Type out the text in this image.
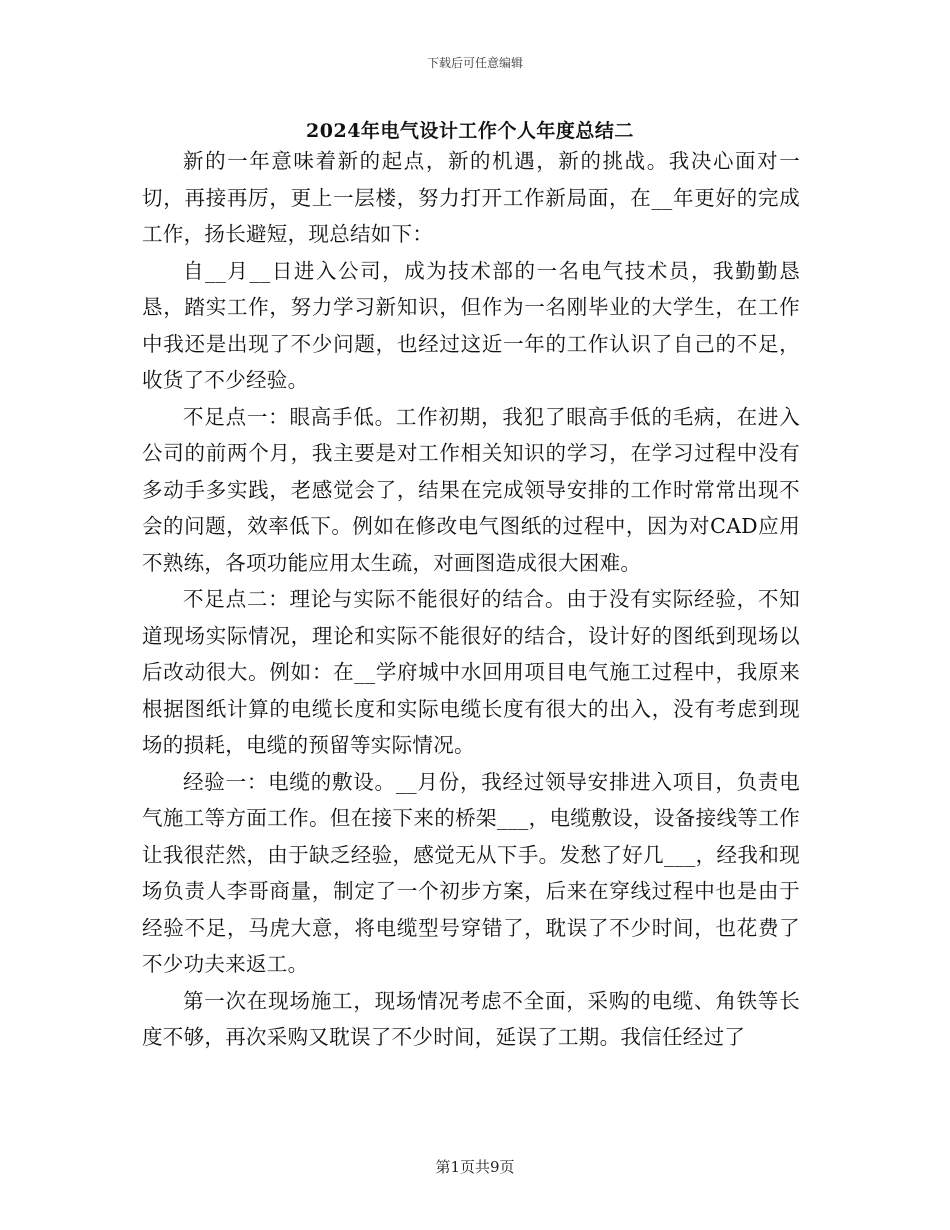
下载后可任意编辑
2024年电气设计工作个人年度总结二

新的一年意味着新的起点，新的机遇，新的挑战。我决心面对一切，再接再厉，更上一层楼，努力打开工作新局面，在__年更好的完成工作，扬长避短，现总结如下：

自__月__日进入公司，成为技术部的一名电气技术员，我勤勤恳恳，踏实工作，努力学习新知识，但作为一名刚毕业的大学生，在工作中我还是出现了不少问题，也经过这近一年的工作认识了自己的不足，收货了不少经验。

不足点一：眼高手低。工作初期，我犯了眼高手低的毛病，在进入公司的前两个月，我主要是对工作相关知识的学习，在学习过程中没有多动手多实践，老感觉会了，结果在完成领导安排的工作时常常出现不会的问题，效率低下。例如在修改电气图纸的过程中，因为对CAD应用不熟练，各项功能应用太生疏，对画图造成很大困难。

不足点二：理论与实际不能很好的结合。由于没有实际经验，不知道现场实际情况，理论和实际不能很好的结合，设计好的图纸到现场以后改动很大。例如：在__学府城中水回用项目电气施工过程中，我原来根据图纸计算的电缆长度和实际电缆长度有很大的出入，没有考虑到现场的损耗，电缆的预留等实际情况。

经验一：电缆的敷设。__月份，我经过领导安排进入项目，负责电气施工等方面工作。但在接下来的桥架___，电缆敷设，设备接线等工作让我很茫然，由于缺乏经验，感觉无从下手。发愁了好几___，经我和现场负责人李哥商量，制定了一个初步方案，后来在穿线过程中也是由于经验不足，马虎大意，将电缆型号穿错了，耽误了不少时间，也花费了不少功夫来返工。

第一次在现场施工，现场情况考虑不全面，采购的电缆、角铁等长度不够，再次采购又耽误了不少时间，延误了工期。我信任经过了

第1页共9页
